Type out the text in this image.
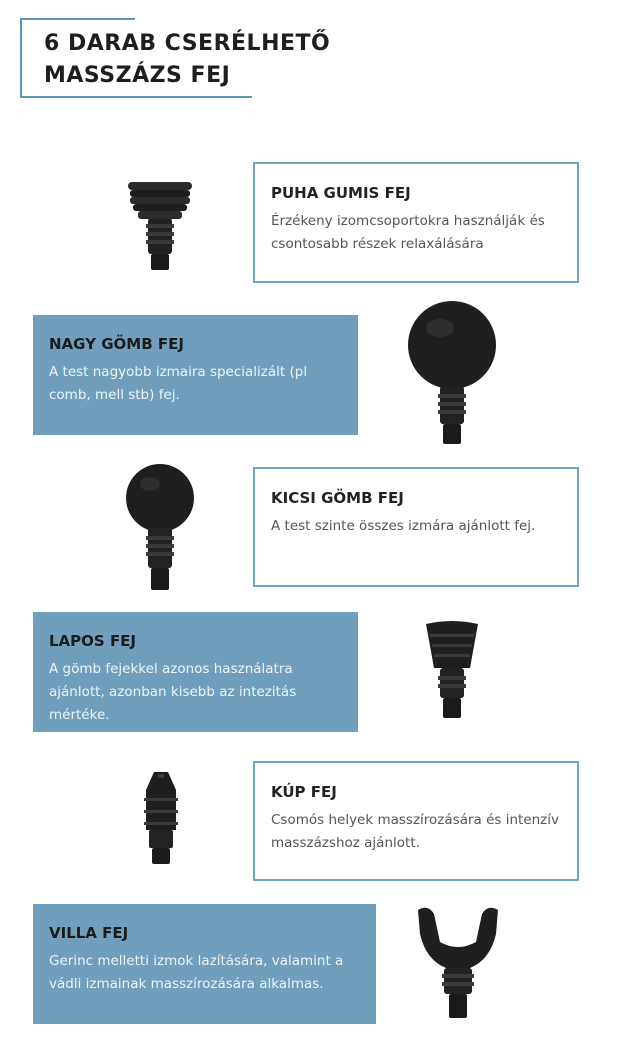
6 DARAB CSERÉLHETŐ
MASSZÁZS FEJ
PUHA GUMIS FEJ

Érzékeny izomcsoportokra használják és csontosabb részek relaxálására

NAGY GÖMB FEJ

A test nagyobb izmaira specializált (pl comb, mell stb) fej.

KICSI GÖMB FEJ

A test szinte összes izmára ajánlott fej.

LAPOS FEJ

A gömb fejekkel azonos használatra ajánlott, azonban kisebb az intezitás mértéke.

KÚP FEJ

Csomós helyek masszírozására és intenzív masszázshoz ajánlott.

VILLA FEJ

Gerinc melletti izmok lazítására, valamint a vádli izmainak masszírozására alkalmas.
